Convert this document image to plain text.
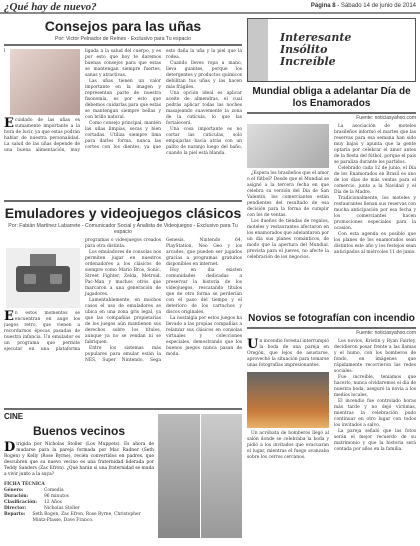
¿Qué hay de nuevo?	Página 8 - Sábado 14 de junio de 2014
Consejos para las uñas
Por: Victor Pelnador de Reines - Exclusivo para Tu espacio

E
l cuidado de las uñas es sumamente importante a la hora de lucir, ya que estas podrán hablar de nuestra personalidad. La salud de las uñas depende de una buena alimentación, muy ligada a la salud del cuerpo, y es por esto que hoy te daremos buenas consejos para que estas se mantengan siempre fuertes, sanas y atractivas.

Las uñas tienen un valor importante en la imagen y representan parte de nuestra fisonomía, es por esto que debemos cuidarlas para que estas se mantengan siempre bellas y con brillo natural.

Como consejo principal, mantén las uñas limpias, secas y bien cortadas. Utiliza siempre lima para darles forma, nunca las cortes con los dientes, ya que esto daña la uña y la piel que la rodea.

Cuando lleves ropa a mano, lleva guantes, porque los detergentes y productos químicos debilitan tus uñas y las hacen más frágiles.

Una opción ideal es aplicar aceite de almendras, el cual podrás aplicar todas las noches masajeando suavemente la zona de la cutícula, lo que las fortalecerá.

Una cosa importante es no cortar las cutículas, solo empujarlas hacia atrás con un palito de naranjo luego del baño, cuando la piel está blanda.

Emuladores y videojuegos clásicos
Por: Fabián Martínez Labarrete - Comunicador Social y Analista de Videojuegos - Exclusivo para Tu espacio

En estos momentos se encuentran en auge los juegos retro, que vienen a recordarnos épocas pasadas de nuestra infancia. Un emulador es un programa que permite ejecutar en una plataforma programas o videojuegos creados para otra distinta.

Los emuladores de consolas nos permiten jugar en nuestros ordenadores a los clásicos de siempre como Mario Bros, Sonic, Street Fighter, Zelda, Metroid, Pac-Man y muchos otros que marcaron a una generación de jugadores.

Lamentablemente, en muchos casos el uso de emuladores se ubica en una zona gris legal, ya que las compañías propietarias de los juegos aún mantienen sus derechos sobre los títulos, aunque ya no se vendan ni se fabriquen.

Entre los sistemas más populares para emular están la NES, Super Nintendo, Sega Genesis, Nintendo 64, PlayStation, Neo Geo y los arcades, que pueden ser jugados gracias a programas gratuitos disponibles en internet.

Hoy en día existen comunidades dedicadas a preservar la historia de los videojuegos, rescatando títulos que de otra forma se perderían con el paso del tiempo y el deterioro de los cartuchos y discos originales.

La nostalgia por estos juegos ha llevado a las propias compañías a relanzar sus clásicos en consolas virtuales y colecciones especiales, demostrando que los buenos juegos nunca pasan de moda.

CINE
Buenos vecinos

Dirigida por Nicholas Stoller (Los Muppets). Es ahora de mudarse para la pareja formada por Mac Radner (Seth Rogen) y Kelly (Rose Byrne), recién convertidos en padres, que descubren que su nuevo vecino es una fraternidad liderada por Teddy Sanders (Zac Efron). ¿Qué harán si una fraternidad se muda a vivir junto a la suya?

FICHA TÉCNICA
Género:	Comedia
Duración:	96 minutos
Clasificación:	12 Años
Director:	Nicholas Stoller
Reparto:	Seth Rogen, Zac Efron, Rose Byrne, Christopher Mintz-Plasse, Dave Franco.
Interesante
Insólito
Increíble
Mundial obliga a adelantar Día de los Enamorados
Fuente: noticiasyahoo.com

¿Espera los brasileños que el amor o el fútbol? Desde que el Mundial se asignó a la tercera fecha en que celebra su versión del Día de San Valentín, los comerciantes están pendientes del resultado de esa decisión para la forma de cumplir con los de ventas.

Los dueños de tiendas de regalos, moteles y restaurantes afectaron en los enamorados que adelantaron por un día sus planes románticos, de modo que la apertura del Mundial, prevista para el jueves, no afecte la celebración de los negocios.

La asociación de moteles brasileños informó el martes que las reservas para esa semana han sido muy bajas y apunta que la gente optaría por celebrar el amor antes de la fiesta del fútbol, porque el país se paraliza durante los partidos.

Celebrado cada 12 de junio, el Día de los Enamorados en Brasil es uno de los días de más ventas para el comercio, junto a la Navidad y el Día de la Madre.

Tradicionalmente, los moteles y restaurantes llenan sus reservas con mucha anticipación por esa fecha y los comerciantes hacen promociones especiales para la ocasión.

Con esta agenda es posible que los planes de los enamorados sean distintos este año y los festejos sean anticipados al miércoles 11 de junio.

Novios se fotografían con incendio
Fuente: noticiasyahoo.com

Un incendio forestal interrumpió la boda de una pareja en Oregón, que lejos de asustarse, aprovechó la situación para tomarse unas fotografías impresionantes.

Un acróbata de bomberos llegó al salón donde se celebraba la boda y pidió a los invitados que evacuaran el lugar, mientras el fuego avanzaba sobre los cerros cercanos.

Los novios, Kristin y Ryan Fairley, decidieron posar frente a las llamas y el humo, con los bomberos de fondo, en imágenes que rápidamente recorrieron las redes sociales.

Fue increíble, teníamos que hacerlo, nunca olvidaremos el día de nuestra boda, aseguró la novia a los medios locales.

El incendio fue controlado horas más tarde y no dejó víctimas, mientras la celebración pudo continuar en otro lugar con todos los invitados a salvo.

La pareja señaló que las fotos serán el mejor recuerdo de su matrimonio y que la historia será contada por años en la familia.
